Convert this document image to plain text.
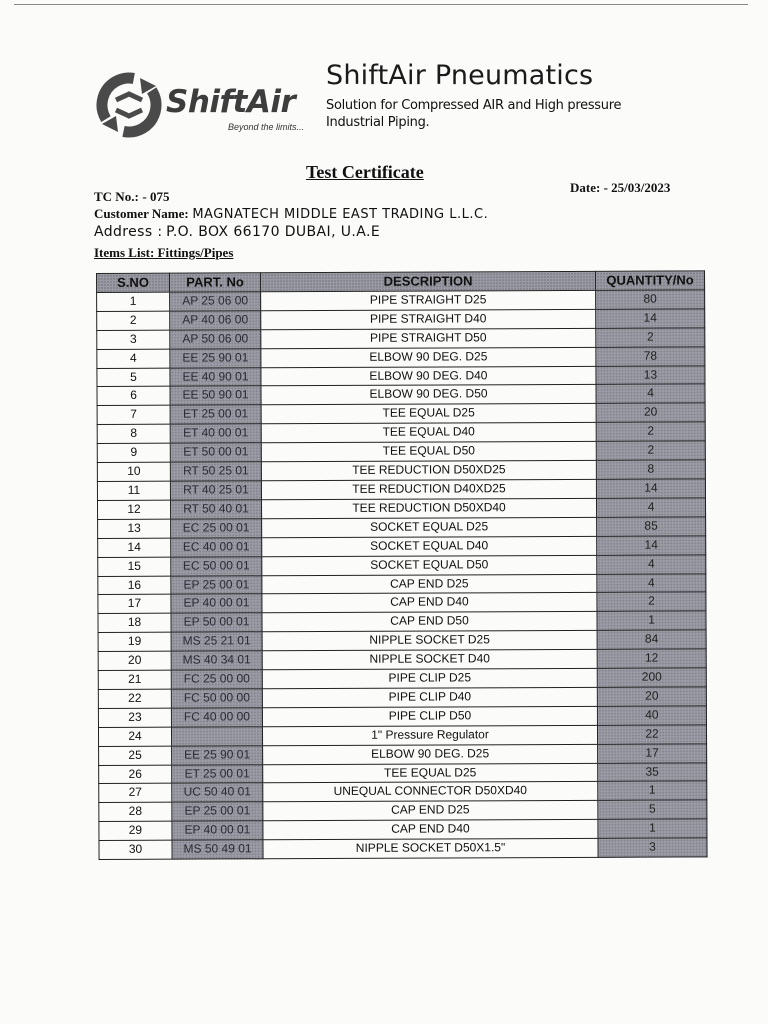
ShiftAir
Beyond the limits...
ShiftAir Pneumatics
Solution for Compressed AIR and High pressure Industrial Piping.
Test Certificate
Date: - 25/03/2023
TC No.: - 075
Customer Name: MAGNATECH MIDDLE EAST TRADING L.L.C.
Address : P.O. BOX 66170 DUBAI, U.A.E
Items List: Fittings/Pipes
S.NO	PART. No	DESCRIPTION	QUANTITY/No
1	AP 25 06 00	PIPE STRAIGHT D25	80
2	AP 40 06 00	PIPE STRAIGHT D40	14
3	AP 50 06 00	PIPE STRAIGHT D50	2
4	EE 25 90 01	ELBOW 90 DEG. D25	78
5	EE 40 90 01	ELBOW 90 DEG. D40	13
6	EE 50 90 01	ELBOW 90 DEG. D50	4
7	ET 25 00 01	TEE EQUAL D25	20
8	ET 40 00 01	TEE EQUAL D40	2
9	ET 50 00 01	TEE EQUAL D50	2
10	RT 50 25 01	TEE REDUCTION D50XD25	8
11	RT 40 25 01	TEE REDUCTION D40XD25	14
12	RT 50 40 01	TEE REDUCTION D50XD40	4
13	EC 25 00 01	SOCKET EQUAL D25	85
14	EC 40 00 01	SOCKET EQUAL D40	14
15	EC 50 00 01	SOCKET EQUAL D50	4
16	EP 25 00 01	CAP END D25	4
17	EP 40 00 01	CAP END D40	2
18	EP 50 00 01	CAP END D50	1
19	MS 25 21 01	NIPPLE SOCKET D25	84
20	MS 40 34 01	NIPPLE SOCKET D40	12
21	FC 25 00 00	PIPE CLIP D25	200
22	FC 50 00 00	PIPE CLIP D40	20
23	FC 40 00 00	PIPE CLIP D50	40
24		1" Pressure Regulator	22
25	EE 25 90 01	ELBOW 90 DEG. D25	17
26	ET 25 00 01	TEE EQUAL D25	35
27	UC 50 40 01	UNEQUAL CONNECTOR D50XD40	1
28	EP 25 00 01	CAP END D25	5
29	EP 40 00 01	CAP END D40	1
30	MS 50 49 01	NIPPLE SOCKET D50X1.5"	3
